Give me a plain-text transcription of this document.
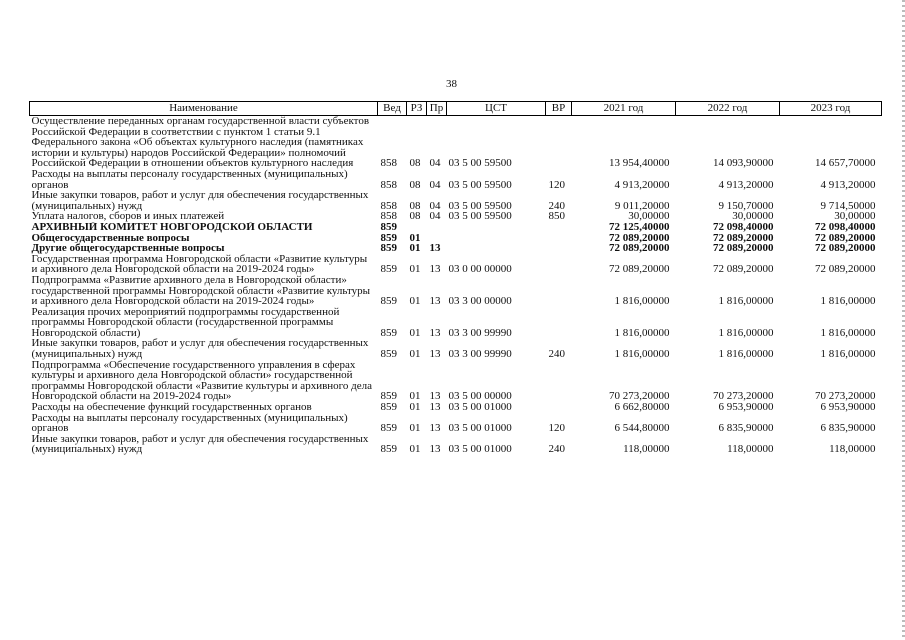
38
Наименование	Вед	РЗ	Пр	ЦСТ	ВР	2021 год	2022 год	2023 год
Осуществление переданных органам государственной власти субъектов Российской Федерации в соответствии с пунктом 1 статьи 9.1 Федерального закона «Об объектах культурного наследия (памятниках истории и культуры) народов Российской Федерации» полномочий Российской Федерации в отношении объектов культурного наследия	858	08	04	03 5 00 59500		13 954,40000	14 093,90000	14 657,70000
Расходы на выплаты персоналу государственных (муниципальных) органов	858	08	04	03 5 00 59500	120	4 913,20000	4 913,20000	4 913,20000
Иные закупки товаров, работ и услуг для обеспечения государственных (муниципальных) нужд	858	08	04	03 5 00 59500	240	9 011,20000	9 150,70000	9 714,50000
Уплата налогов, сборов и иных платежей	858	08	04	03 5 00 59500	850	30,00000	30,00000	30,00000
АРХИВНЫЙ КОМИТЕТ НОВГОРОДСКОЙ ОБЛАСТИ	859					72 125,40000	72 098,40000	72 098,40000
Общегосударственные вопросы	859	01				72 089,20000	72 089,20000	72 089,20000
Другие общегосударственные вопросы	859	01	13			72 089,20000	72 089,20000	72 089,20000
Государственная программа Новгородской области «Развитие культуры и архивного дела Новгородской области на 2019-2024 годы»	859	01	13	03 0 00 00000		72 089,20000	72 089,20000	72 089,20000
Подпрограмма «Развитие архивного дела в Новгородской области» государственной программы Новгородской области «Развитие культуры и архивного дела Новгородской области на 2019-2024 годы»	859	01	13	03 3 00 00000		1 816,00000	1 816,00000	1 816,00000
Реализация прочих мероприятий подпрограммы государственной программы Новгородской области (государственной программы Новгородской области)	859	01	13	03 3 00 99990		1 816,00000	1 816,00000	1 816,00000
Иные закупки товаров, работ и услуг для обеспечения государственных (муниципальных) нужд	859	01	13	03 3 00 99990	240	1 816,00000	1 816,00000	1 816,00000
Подпрограмма «Обеспечение государственного управления в сферах культуры и архивного дела Новгородской области» государственной программы Новгородской области «Развитие культуры и архивного дела Новгородской области на 2019-2024 годы»	859	01	13	03 5 00 00000		70 273,20000	70 273,20000	70 273,20000
Расходы на обеспечение функций государственных органов	859	01	13	03 5 00 01000		6 662,80000	6 953,90000	6 953,90000
Расходы на выплаты персоналу государственных (муниципальных) органов	859	01	13	03 5 00 01000	120	6 544,80000	6 835,90000	6 835,90000
Иные закупки товаров, работ и услуг для обеспечения государственных (муниципальных) нужд	859	01	13	03 5 00 01000	240	118,00000	118,00000	118,00000
